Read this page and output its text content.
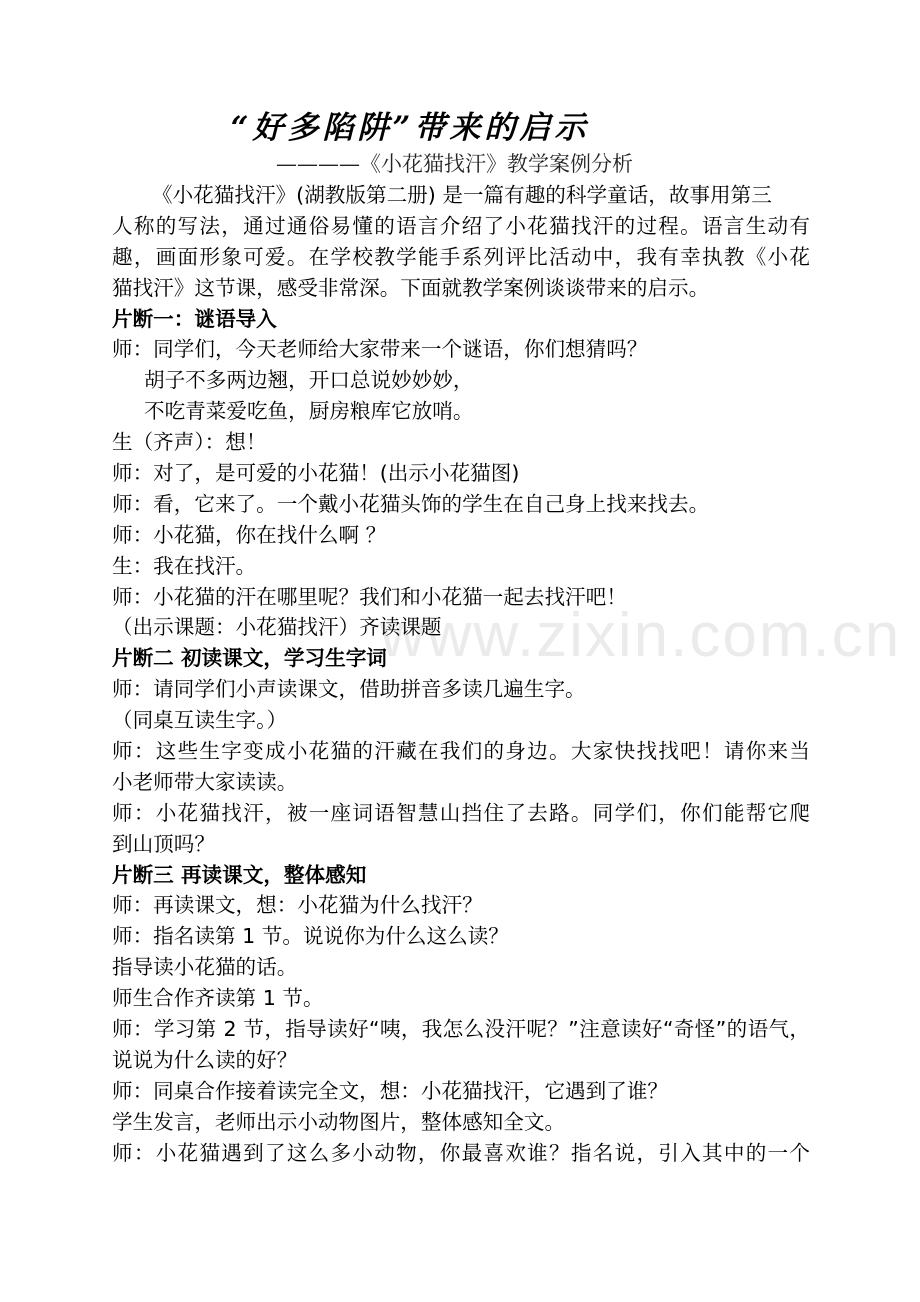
“好多陷阱”带来的启示
————《小花猫找汗》教学案例分析
www.zixin.com.cn
《小花猫找汗》(湖教版第二册) 是一篇有趣的科学童话，故事用第三
人称的写法，通过通俗易懂的语言介绍了小花猫找汗的过程。语言生动有
趣，画面形象可爱。在学校教学能手系列评比活动中，我有幸执教《小花
猫找汗》这节课，感受非常深。下面就教学案例谈谈带来的启示。
片断一：谜语导入
师：同学们，今天老师给大家带来一个谜语，你们想猜吗？
胡子不多两边翘，开口总说妙妙妙，
不吃青菜爱吃鱼，厨房粮库它放哨。
生（齐声）：想！
师：对了，是可爱的小花猫！(出示小花猫图)
师：看，它来了。一个戴小花猫头饰的学生在自己身上找来找去。
师：小花猫，你在找什么啊 ？
生：我在找汗。
师：小花猫的汗在哪里呢？我们和小花猫一起去找汗吧！
（出示课题：小花猫找汗）齐读课题
片断二 初读课文，学习生字词
师：请同学们小声读课文，借助拼音多读几遍生字。
（同桌互读生字。）
师：这些生字变成小花猫的汗藏在我们的身边。大家快找找吧！请你来当
小老师带大家读读。
师：小花猫找汗，被一座词语智慧山挡住了去路。同学们，你们能帮它爬
到山顶吗？
片断三 再读课文，整体感知
师：再读课文，想：小花猫为什么找汗？
师：指名读第 1 节。说说你为什么这么读？
指导读小花猫的话。
师生合作齐读第 1 节。
师：学习第 2 节，指导读好“咦，我怎么没汗呢？”注意读好“奇怪”的语气，
说说为什么读的好？
师：同桌合作接着读完全文，想：小花猫找汗，它遇到了谁？
学生发言，老师出示小动物图片，整体感知全文。
师：小花猫遇到了这么多小动物，你最喜欢谁？指名说，引入其中的一个
